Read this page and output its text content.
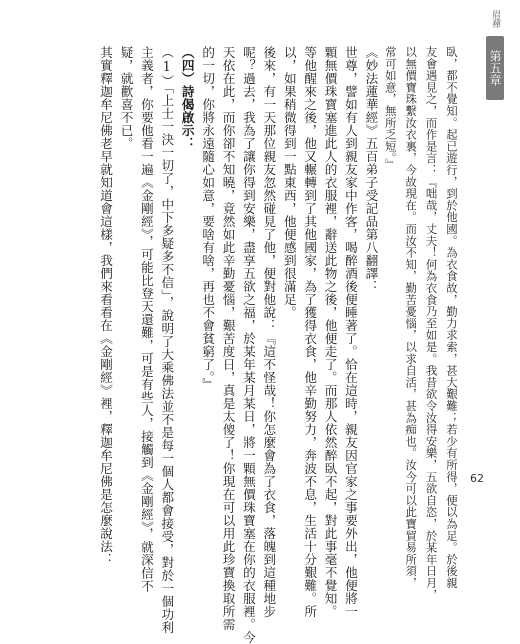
眉禪
第五章
臥，都不覺知。起已遊行，到於他國。為衣食故，勤力求索，甚大艱難；若少有所得，便以為足。於後親
友會遇見之，而作是言：『咄哉，丈夫！何為衣食乃至如是。我昔欲令汝得安樂，五欲自恣，於某年日月，
以無價寶珠繫汝衣裏，今故現在。而汝不知，勤苦憂惱，以求自活，甚為痴也。汝今可以此寶貿易所須，
常可如意，無所乏短。』
《妙法蓮華經》五百弟子受記品第八翻譯：
世尊，譬如有人到親友家中作客，喝醉酒後便睡著了。恰在這時，親友因官家之事要外出，他便將一
顆無價珠寶塞進此人的衣服裡，辭送此物之後，他便走了。而那人依然醉臥不起，對此事毫不覺知。
等他醒來之後，他又輾轉到了其他國家，為了獲得衣食，他辛勤努力，奔波不息，生活十分艱難。所
以，如果稍微得到一點東西，他便感到很滿足。
後來，有一天那位親友忽然碰見了他，便對他說：『這不怪哉！你怎麼會為了衣食，落魄到這種地步
呢？過去，我為了讓你得到安樂，盡享五欲之福，於某年某月某日，將一顆無價珠寶塞在你的衣服裡。今
天依在此，而你卻不知曉，竟然如此辛勤憂惱，艱苦度日，真是太傻了！你現在可以用此珍寶換取所需
的一切，你將永遠隨心如意，要啥有啥，再也不會貧窮了。』
（四）詩偈啟示：
（1）「上士一決一切了，中下多疑多不信」，說明了大乘佛法並不是每一個人都會接受，對於一個功利
主義者，你要他看一遍《金剛經》，可能比登天還難，可是有些人，接觸到《金剛經》，就深信不
疑，就歡喜不已。
其實釋迦牟尼佛老早就知道會這樣，我們來看看在《金剛經》裡，釋迦牟尼佛是怎麼說法：	62
